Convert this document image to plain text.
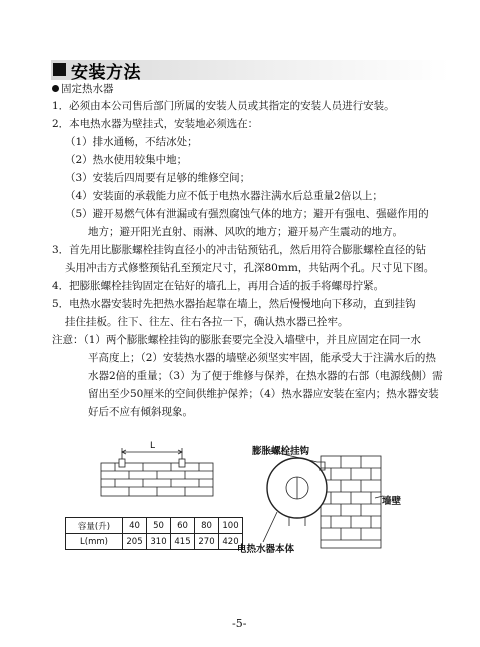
安装方法
固定热水器
1．必须由本公司售后部门所属的安装人员或其指定的安装人员进行安装。
2．本电热水器为壁挂式，安装地必须选在：
（1）排水通畅，不结冰处；
（2）热水使用较集中地；
（3）安装后四周要有足够的维修空间；
（4）安装面的承载能力应不低于电热水器注满水后总重量2倍以上；
（5）避开易燃气体有泄漏或有强烈腐蚀气体的地方；避开有强电、强磁作用的
地方；避开阳光直射、雨淋、风吹的地方；避开易产生震动的地方。
3．首先用比膨胀螺栓挂钩直径小的冲击钻预钻孔，然后用符合膨胀螺栓直径的钻
头用冲击方式修整预钻孔至预定尺寸，孔深80mm，共钻两个孔。尺寸见下图。
4．把膨胀螺栓挂钩固定在钻好的墙孔上，再用合适的扳手将螺母拧紧。
5．电热水器安装时先把热水器抬起靠在墙上，然后慢慢地向下移动，直到挂钩
挂住挂板。往下、往左、往右各拉一下，确认热水器已拴牢。
注意：（1）两个膨胀螺栓挂钩的膨胀套要完全没入墙壁中，并且应固定在同一水
平高度上；（2）安装热水器的墙壁必须坚实牢固，能承受大于注满水后的热
水器2倍的重量；（3）为了便于维修与保养，在热水器的右部（电源线侧）需
留出至少50厘米的空间供维护保养；（4）热水器应安装在室内；热水器安装
好后不应有倾斜现象。
L
容量(升)	40	50	60	80	100
L(mm)	205	310	415	270	420
膨胀螺栓挂钩
墙壁
电热水器本体
-5-
